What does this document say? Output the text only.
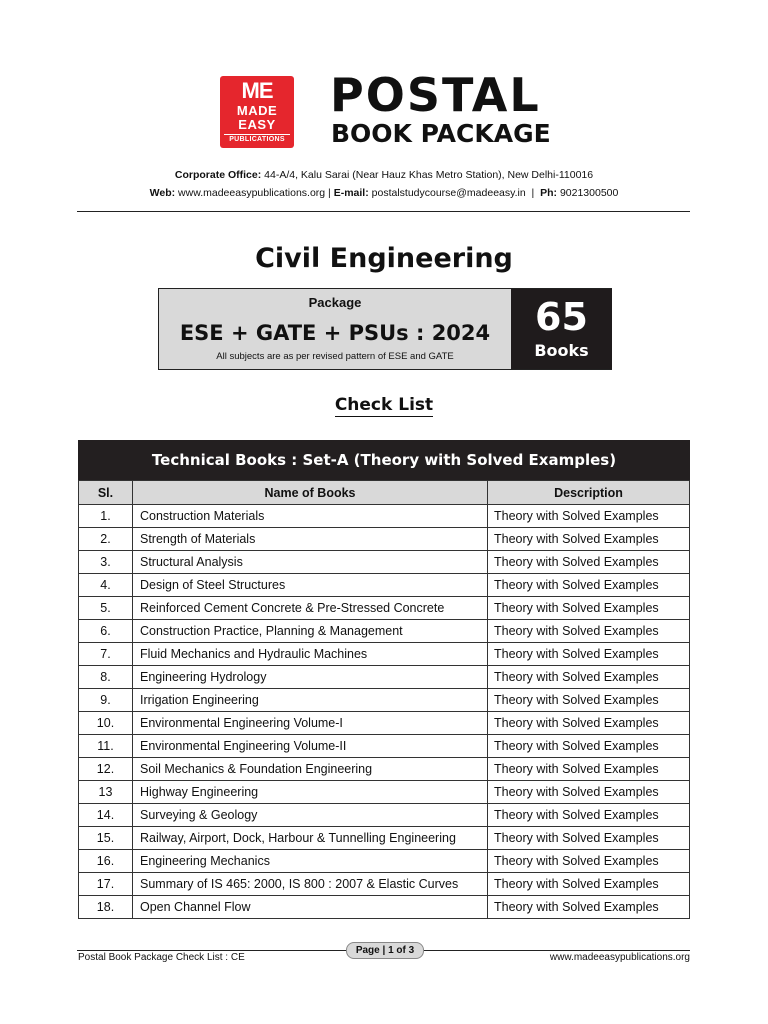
ME
MADE
EASY
PUBLICATIONS
POSTAL
BOOK PACKAGE
Corporate Office: 44-A/4, Kalu Sarai (Near Hauz Khas Metro Station), New Delhi-110016
Web: www.madeeasypublications.org | E-mail: postalstudycourse@madeeasy.in | Ph: 9021300500
Civil Engineering
Package
ESE + GATE + PSUs : 2024
All subjects are as per revised pattern of ESE and GATE
65
Books
Check List
Technical Books : Set-A (Theory with Solved Examples)
Sl.	Name of Books	Description
1.	Construction Materials	Theory with Solved Examples
2.	Strength of Materials	Theory with Solved Examples
3.	Structural Analysis	Theory with Solved Examples
4.	Design of Steel Structures	Theory with Solved Examples
5.	Reinforced Cement Concrete & Pre-Stressed Concrete	Theory with Solved Examples
6.	Construction Practice, Planning & Management	Theory with Solved Examples
7.	Fluid Mechanics and Hydraulic Machines	Theory with Solved Examples
8.	Engineering Hydrology	Theory with Solved Examples
9.	Irrigation Engineering	Theory with Solved Examples
10.	Environmental Engineering Volume-I	Theory with Solved Examples
11.	Environmental Engineering Volume-II	Theory with Solved Examples
12.	Soil Mechanics & Foundation Engineering	Theory with Solved Examples
13	Highway Engineering	Theory with Solved Examples
14.	Surveying & Geology	Theory with Solved Examples
15.	Railway, Airport, Dock, Harbour & Tunnelling Engineering	Theory with Solved Examples
16.	Engineering Mechanics	Theory with Solved Examples
17.	Summary of IS 465: 2000, IS 800 : 2007 & Elastic Curves	Theory with Solved Examples
18.	Open Channel Flow	Theory with Solved Examples
Postal Book Package Check List : CE
Page | 1 of 3
www.madeeasypublications.org
